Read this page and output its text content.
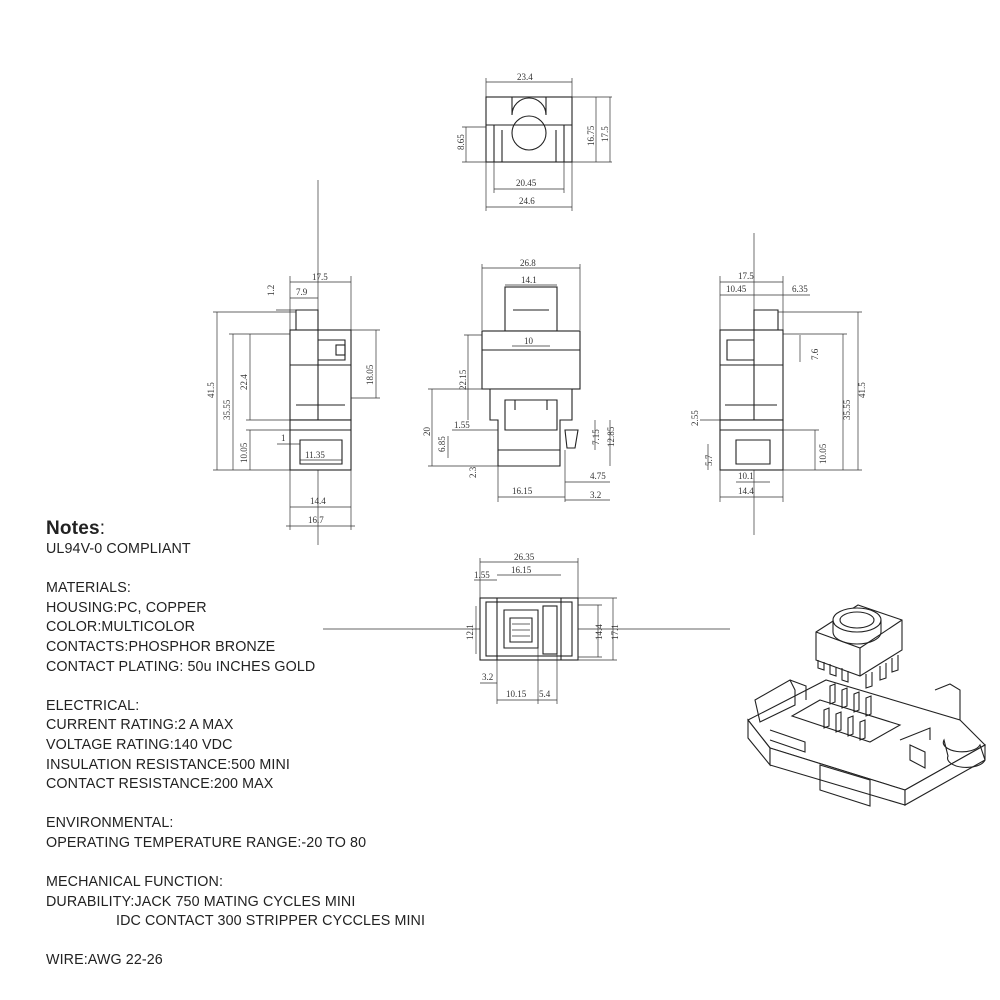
23.4
8.65	16.75 17.5
20.45
24.6
17.5
7.9
1.2
41.5
35.55
22.4	18.05
10.05
1
11.35
14.4
16.7
26.8
14.1
10
20
22.15
1.55
6.85
2.3
7.15 12.85
4.75
16.15	3.2
17.5
10.45	6.35
7.6
35.55
41.5
2.55
5.7	10.05
10.1
14.4
26.35
16.15
1.55
12.1	14.4 17.1
3.2
10.15 5.4
Notes:
UL94V-0 COMPLIANT
MATERIALS:
HOUSING:PC, COPPER
COLOR:MULTICOLOR
CONTACTS:PHOSPHOR BRONZE
CONTACT PLATING: 50u INCHES GOLD
ELECTRICAL:
CURRENT RATING:2 A MAX
VOLTAGE RATING:140 VDC
INSULATION RESISTANCE:500 MINI
CONTACT RESISTANCE:200 MAX
ENVIRONMENTAL:
OPERATING TEMPERATURE RANGE:-20 TO 80
MECHANICAL FUNCTION:
DURABILITY:JACK 750 MATING CYCLES MINI
IDC CONTACT 300 STRIPPER CYCCLES MINI
WIRE:AWG 22-26
